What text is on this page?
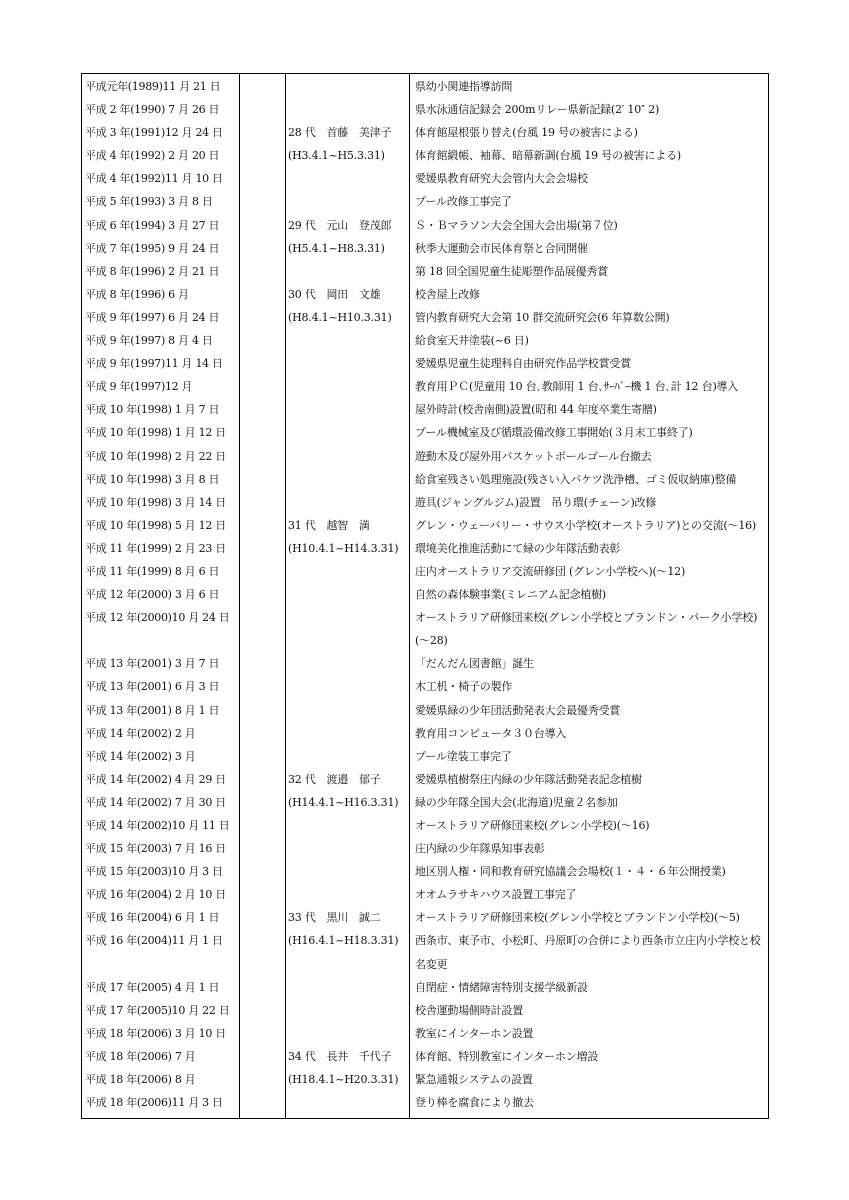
平成元年(1989)11 月 21 日	県幼小関連指導訪問
平成 2 年(1990) 7 月 26 日	県水泳通信記録会 200mリレー県新記録(2′ 10″ 2)
平成 3 年(1991)12 月 24 日	28 代　首藤　美津子	体育館屋根張り替え(台風 19 号の被害による)
平成 4 年(1992) 2 月 20 日	(H3.4.1~H5.3.31)	体育館緞帳、袖幕、暗幕新調(台風 19 号の被害による)
平成 4 年(1992)11 月 10 日	愛媛県教育研究大会管内大会会場校
平成 5 年(1993) 3 月 8 日	プール改修工事完了
平成 6 年(1994) 3 月 27 日	29 代　元山　登茂郎	Ｓ・Ｂマラソン大会全国大会出場(第７位)
平成 7 年(1995) 9 月 24 日	(H5.4.1~H8.3.31)	秋季大運動会市民体育祭と合同開催
平成 8 年(1996) 2 月 21 日	第 18 回全国児童生徒彫塑作品展優秀賞
平成 8 年(1996) 6 月	30 代　岡田　文雄	校舎屋上改修
平成 9 年(1997) 6 月 24 日	(H8.4.1~H10.3.31)	管内教育研究大会第 10 群交流研究会(6 年算数公開)
平成 9 年(1997) 8 月 4 日	給食室天井塗装(~6 日)
平成 9 年(1997)11 月 14 日	愛媛県児童生徒理科自由研究作品学校賞受賞
平成 9 年(1997)12 月	教育用ＰＣ(児童用 10 台､教師用 1 台､ｻｰﾊﾞｰ機 1 台､計 12 台)導入
平成 10 年(1998) 1 月 7 日	屋外時計(校舎南側)設置(昭和 44 年度卒業生寄贈)
平成 10 年(1998) 1 月 12 日	プール機械室及び循環設備改修工事開始(３月末工事終了)
平成 10 年(1998) 2 月 22 日	遊動木及び屋外用バスケットボールゴール台撤去
平成 10 年(1998) 3 月 8 日	給食室残さい処理施設(残さい入バケツ洗浄槽、ゴミ仮収納庫)整備
平成 10 年(1998) 3 月 14 日	遊具(ジャングルジム)設置　吊り環(チェーン)改修
平成 10 年(1998) 5 月 12 日	31 代　越智　満	グレン・ウェーバリー・サウス小学校(オーストラリア)との交流(～16)
平成 11 年(1999) 2 月 23 日	(H10.4.1~H14.3.31)	環境美化推進活動にて緑の少年隊活動表彰
平成 11 年(1999) 8 月 6 日	庄内オーストラリア交流研修団 (グレン小学校へ)(～12)
平成 12 年(2000) 3 月 6 日	自然の森体験事業(ミレニアム記念植樹)
平成 12 年(2000)10 月 24 日	オーストラリア研修団来校(グレン小学校とブランドン・パーク小学校)(～28)
平成 13 年(2001) 3 月 7 日	「だんだん図書館」誕生
平成 13 年(2001) 6 月 3 日	木工机・椅子の製作
平成 13 年(2001) 8 月 1 日	愛媛県緑の少年団活動発表大会最優秀受賞
平成 14 年(2002) 2 月	教育用コンピュータ３０台導入
平成 14 年(2002) 3 月	プール塗装工事完了
平成 14 年(2002) 4 月 29 日	32 代　渡邉　郁子	愛媛県植樹祭庄内緑の少年隊活動発表記念植樹
平成 14 年(2002) 7 月 30 日	(H14.4.1~H16.3.31)	緑の少年隊全国大会(北海道)児童２名参加
平成 14 年(2002)10 月 11 日	オーストラリア研修団来校(グレン小学校)(～16)
平成 15 年(2003) 7 月 16 日	庄内緑の少年隊県知事表彰
平成 15 年(2003)10 月 3 日	地区別人権・同和教育研究協議会会場校(１・４・６年公開授業)
平成 16 年(2004) 2 月 10 日	オオムラサキハウス設置工事完了
平成 16 年(2004) 6 月 1 日	33 代　黒川　誠二	オーストラリア研修団来校(グレン小学校とブランドン小学校)(～5)
平成 16 年(2004)11 月 1 日	(H16.4.1~H18.3.31)	西条市、東予市、小松町、丹原町の合併により西条市立庄内小学校と校名変更
平成 17 年(2005) 4 月 1 日	自閉症・情緒障害特別支援学級新設
平成 17 年(2005)10 月 22 日	校舎運動場側時計設置
平成 18 年(2006) 3 月 10 日	教室にインターホン設置
平成 18 年(2006) 7 月	34 代　長井　千代子	体育館、特別教室にインターホン増設
平成 18 年(2006) 8 月	(H18.4.1~H20.3.31)	緊急通報システムの設置
平成 18 年(2006)11 月 3 日	登り棒を腐食により撤去
